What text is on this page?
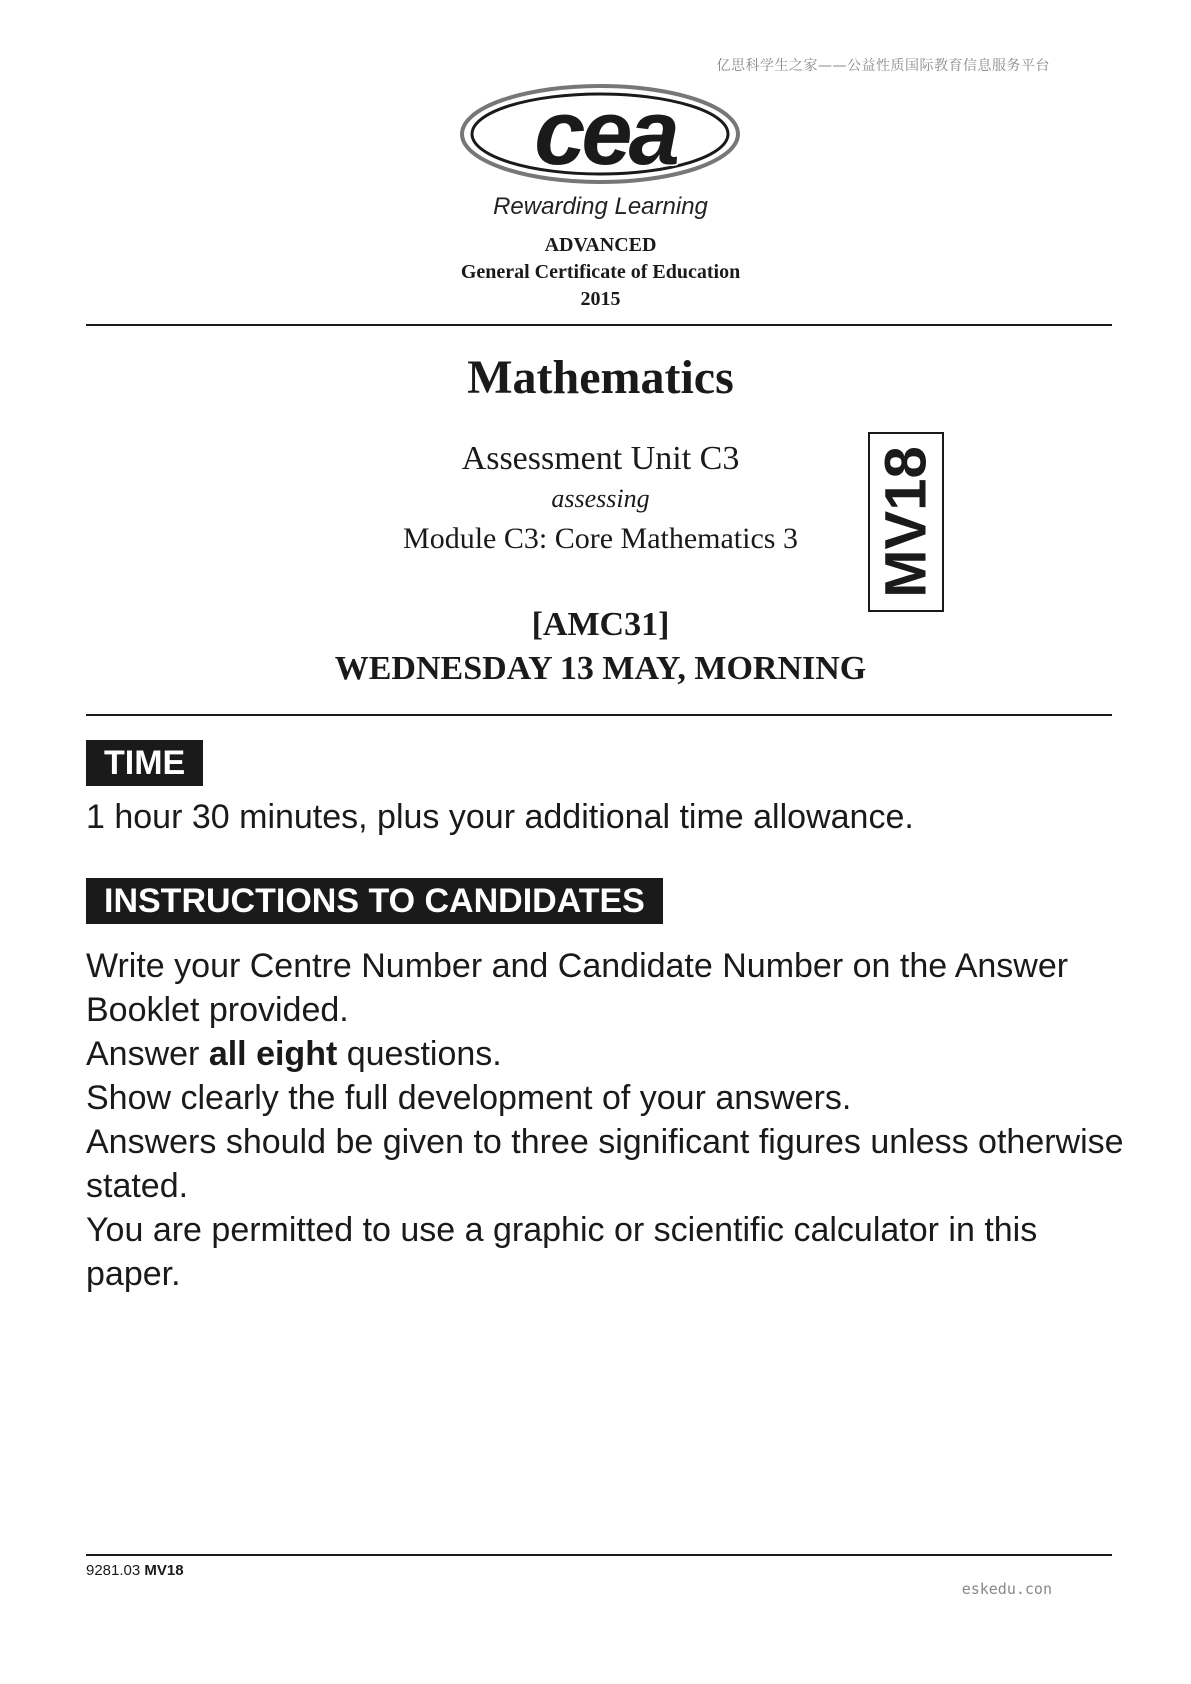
亿思科学生之家——公益性质国际教育信息服务平台
cea
Rewarding Learning
ADVANCED
General Certificate of Education
2015
Mathematics
Assessment Unit C3
assessing
Module C3: Core Mathematics 3	MV18
[AMC31]
WEDNESDAY 13 MAY, MORNING
TIME
1 hour 30 minutes, plus your additional time allowance.
INSTRUCTIONS TO CANDIDATES

Write your Centre Number and Candidate Number on the Answer Booklet provided.

Answer all eight questions.

Show clearly the full development of your answers.

Answers should be given to three significant figures unless otherwise stated.

You are permitted to use a graphic or scientific calculator in this paper.

9281.03 MV18
eskedu.con
